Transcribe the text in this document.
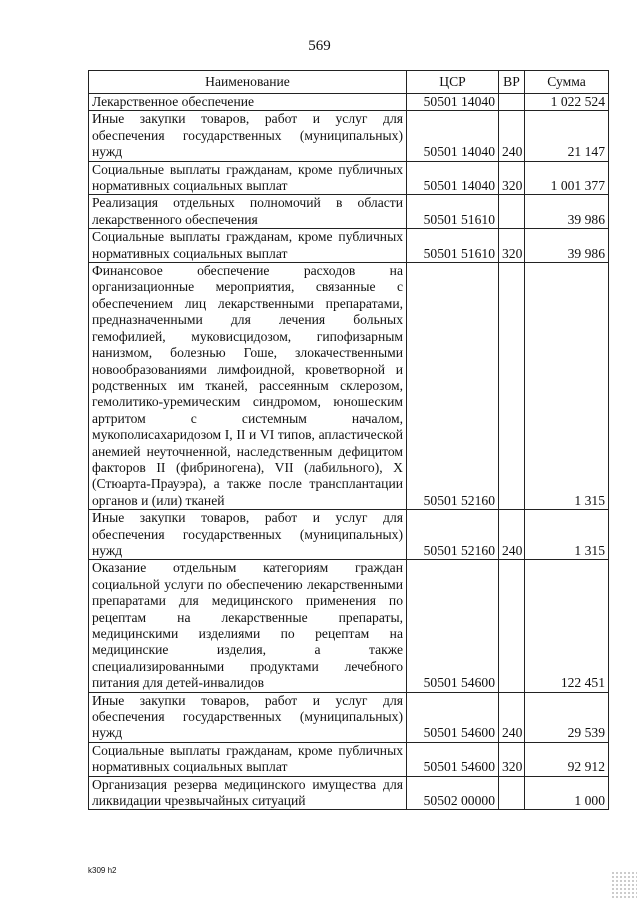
569
Наименование	ЦСР	ВР	Сумма
Лекарственное обеспечение	50501 14040		1 022 524
Иные закупки товаров, работ и услуг для обеспечения государственных (муниципальных) нужд	50501 14040	240	21 147
Социальные выплаты гражданам, кроме публичных нормативных социальных выплат	50501 14040	320	1 001 377
Реализация отдельных полномочий в области лекарственного обеспечения	50501 51610		39 986
Социальные выплаты гражданам, кроме публичных нормативных социальных выплат	50501 51610	320	39 986
Финансовое обеспечение расходов на организационные мероприятия, связанные с обеспечением лиц лекарственными препаратами, предназначенными для лечения больных гемофилией, муковисцидозом, гипофизарным нанизмом, болезнью Гоше, злокачественными новообразованиями лимфоидной, кроветворной и родственных им тканей, рассеянным склерозом, гемолитико-уремическим синдромом, юношеским артритом с системным началом, мукополисахаридозом I, II и VI типов, апластической анемией неуточненной, наследственным дефицитом факторов II (фибриногена), VII (лабильного), X (Стюарта-Прауэра), а также после трансплантации органов и (или) тканей	50501 52160		1 315
Иные закупки товаров, работ и услуг для обеспечения государственных (муниципальных) нужд	50501 52160	240	1 315
Оказание отдельным категориям граждан социальной услуги по обеспечению лекарственными препаратами для медицинского применения по рецептам на лекарственные препараты, медицинскими изделиями по рецептам на медицинские изделия, а также специализированными продуктами лечебного питания для детей-инвалидов	50501 54600		122 451
Иные закупки товаров, работ и услуг для обеспечения государственных (муниципальных) нужд	50501 54600	240	29 539
Социальные выплаты гражданам, кроме публичных нормативных социальных выплат	50501 54600	320	92 912
Организация резерва медицинского имущества для ликвидации чрезвычайных ситуаций	50502 00000		1 000
k309 h2
